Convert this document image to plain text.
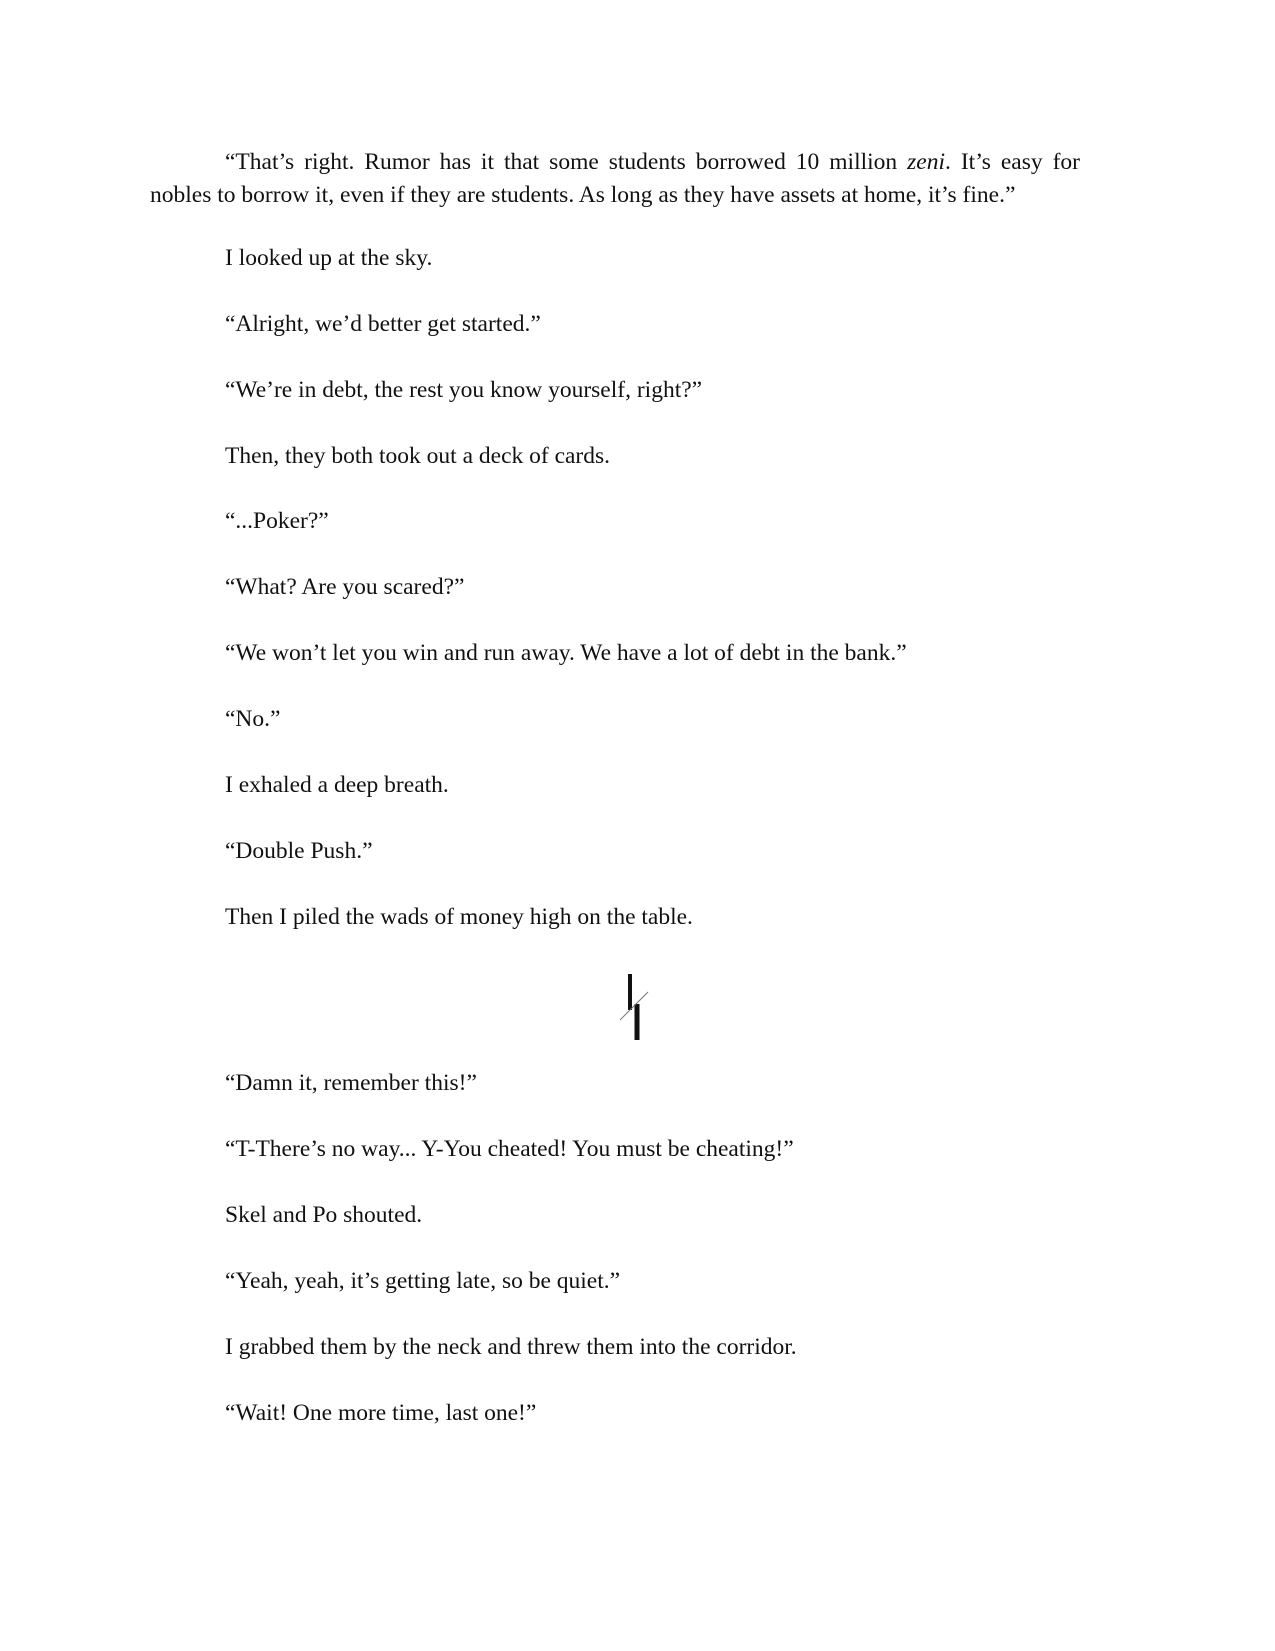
“That’s right. Rumor has it that some students borrowed 10 million zeni. It’s easy for nobles to borrow it, even if they are students. As long as they have assets at home, it’s fine.”

I looked up at the sky.

“Alright, we’d better get started.”

“We’re in debt, the rest you know yourself, right?”

Then, they both took out a deck of cards.

“...Poker?”

“What? Are you scared?”

“We won’t let you win and run away. We have a lot of debt in the bank.”

“No.”

I exhaled a deep breath.

“Double Push.”

Then I piled the wads of money high on the table.

“Damn it, remember this!”

“T-There’s no way... Y-You cheated! You must be cheating!”

Skel and Po shouted.

“Yeah, yeah, it’s getting late, so be quiet.”

I grabbed them by the neck and threw them into the corridor.

“Wait! One more time, last one!”
